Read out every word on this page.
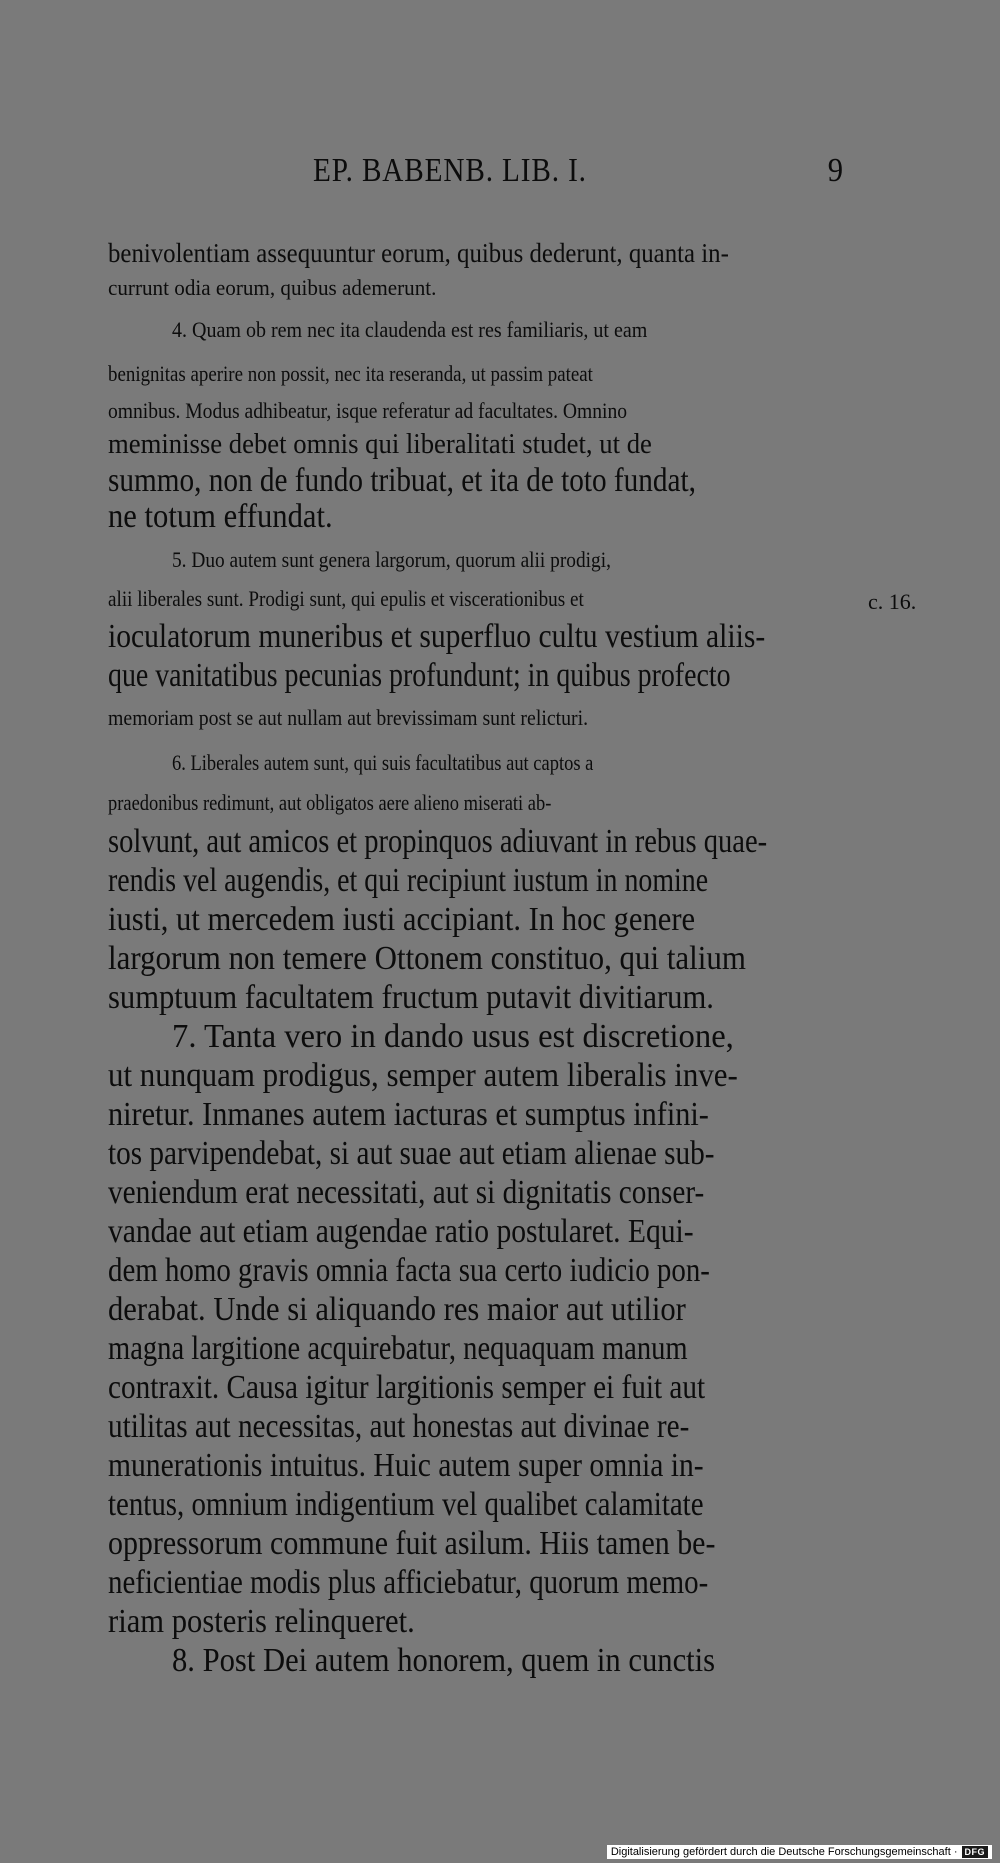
EP. BABENB. LIB. I.	9
benivolentiam assequuntur eorum, quibus dederunt, quanta in-
currunt odia eorum, quibus ademerunt.
4. Quam ob rem nec ita claudenda est res familiaris, ut eam
benignitas aperire non possit, nec ita reseranda, ut passim pateat
omnibus. Modus adhibeatur, isque referatur ad facultates. Omnino
meminisse debet omnis qui liberalitati studet, ut de
summo, non de fundo tribuat, et ita de toto fundat,
ne totum effundat.
5. Duo autem sunt genera largorum, quorum alii prodigi,
alii liberales sunt. Prodigi sunt, qui epulis et viscerationibus et
ioculatorum muneribus et superfluo cultu vestium aliis-
que vanitatibus pecunias profundunt; in quibus profecto
memoriam post se aut nullam aut brevissimam sunt relicturi.
6. Liberales autem sunt, qui suis facultatibus aut captos a
praedonibus redimunt, aut obligatos aere alieno miserati ab-
solvunt, aut amicos et propinquos adiuvant in rebus quae-
rendis vel augendis, et qui recipiunt iustum in nomine
iusti, ut mercedem iusti accipiant. In hoc genere
largorum non temere Ottonem constituo, qui talium
sumptuum facultatem fructum putavit divitiarum.
7. Tanta vero in dando usus est discretione,
ut nunquam prodigus, semper autem liberalis inve-
niretur. Inmanes autem iacturas et sumptus infini-
tos parvipendebat, si aut suae aut etiam alienae sub-
veniendum erat necessitati, aut si dignitatis conser-
vandae aut etiam augendae ratio postularet. Equi-
dem homo gravis omnia facta sua certo iudicio pon-
derabat. Unde si aliquando res maior aut utilior
magna largitione acquirebatur, nequaquam manum
contraxit. Causa igitur largitionis semper ei fuit aut
utilitas aut necessitas, aut honestas aut divinae re-
munerationis intuitus. Huic autem super omnia in-
tentus, omnium indigentium vel qualibet calamitate
oppressorum commune fuit asilum. Hiis tamen be-
neficientiae modis plus afficiebatur, quorum memo-
riam posteris relinqueret.
8. Post Dei autem honorem, quem in cunctis
c. 16.
Digitalisierung gefördert durch die Deutsche Forschungsgemeinschaft · DFG
